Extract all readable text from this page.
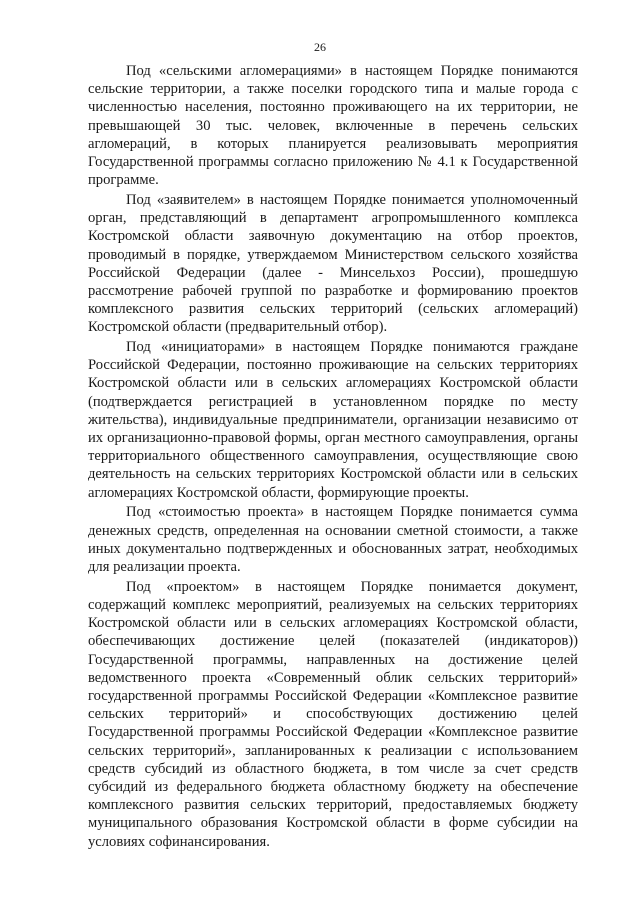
26

Под «сельскими агломерациями» в настоящем Порядке понимаются сельские территории, а также поселки городского типа и малые города с численностью населения, постоянно проживающего на их территории, не превышающей 30 тыс. человек, включенные в перечень сельских агломераций, в которых планируется реализовывать мероприятия Государственной программы согласно приложению № 4.1 к Государственной программе.

Под «заявителем» в настоящем Порядке понимается уполномоченный орган, представляющий в департамент агропромышленного комплекса Костромской области заявочную документацию на отбор проектов, проводимый в порядке, утверждаемом Министерством сельского хозяйства Российской Федерации (далее - Минсельхоз России), прошедшую рассмотрение рабочей группой по разработке и формированию проектов комплексного развития сельских территорий (сельских агломераций) Костромской области (предварительный отбор).

Под «инициаторами» в настоящем Порядке понимаются граждане Российской Федерации, постоянно проживающие на сельских территориях Костромской области или в сельских агломерациях Костромской области (подтверждается регистрацией в установленном порядке по месту жительства), индивидуальные предприниматели, организации независимо от их организационно-правовой формы, орган местного самоуправления, органы территориального общественного самоуправления, осуществляющие свою деятельность на сельских территориях Костромской области или в сельских агломерациях Костромской области, формирующие проекты.

Под «стоимостью проекта» в настоящем Порядке понимается сумма денежных средств, определенная на основании сметной стоимости, а также иных документально подтвержденных и обоснованных затрат, необходимых для реализации проекта.

Под «проектом» в настоящем Порядке понимается документ, содержащий комплекс мероприятий, реализуемых на сельских территориях Костромской области или в сельских агломерациях Костромской области, обеспечивающих достижение целей (показателей (индикаторов)) Государственной программы, направленных на достижение целей ведомственного проекта «Современный облик сельских территорий» государственной программы Российской Федерации «Комплексное развитие сельских территорий» и способствующих достижению целей Государственной программы Российской Федерации «Комплексное развитие сельских территорий», запланированных к реализации с использованием средств субсидий из областного бюджета, в том числе за счет средств субсидий из федерального бюджета областному бюджету на обеспечение комплексного развития сельских территорий, предоставляемых бюджету муниципального образования Костромской области в форме субсидии на условиях софинансирования.
